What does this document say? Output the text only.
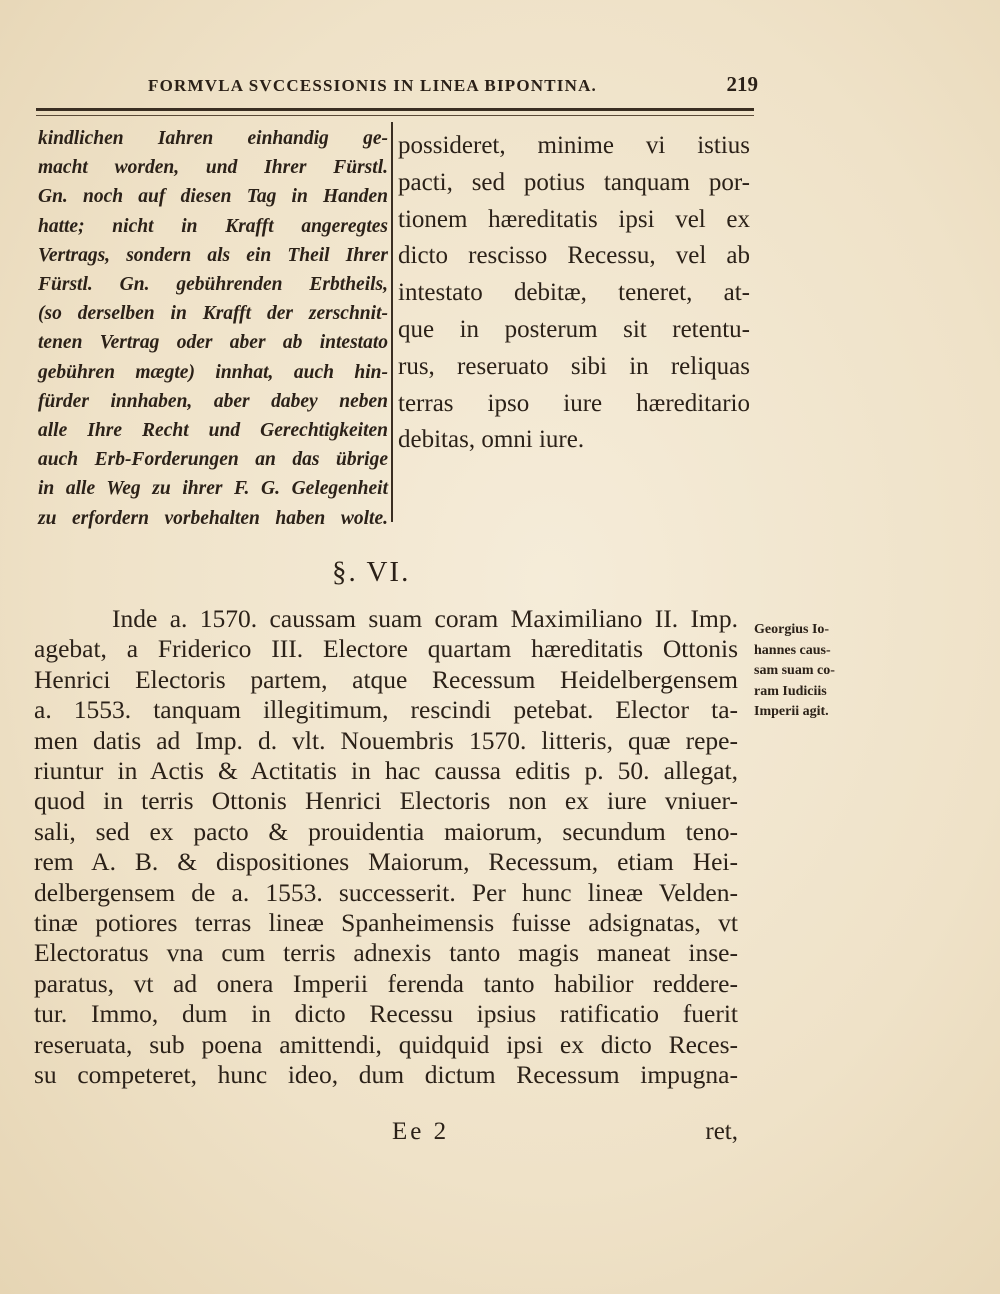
FORMVLA SVCCESSIONIS IN LINEA BIPONTINA.	219
kindlichen Iahren einhandig ge-
macht worden, und Ihrer Fürstl.
Gn. noch auf diesen Tag in Handen
hatte; nicht in Krafft angeregtes
Vertrags, sondern als ein Theil Ihrer
Fürstl. Gn. gebührenden Erbtheils,
(so derselben in Krafft der zerschnit-
tenen Vertrag oder aber ab intestato
gebühren mægte) innhat, auch hin-
fürder innhaben, aber dabey neben
alle Ihre Recht und Gerechtigkeiten
auch Erb-Forderungen an das übrige
in alle Weg zu ihrer F. G. Gelegenheit
zu erfordern vorbehalten haben wolte.
possideret, minime vi istius
pacti, sed potius tanquam por-
tionem hæreditatis ipsi vel ex
dicto rescisso Recessu, vel ab
intestato debitæ, teneret, at-
que in posterum sit retentu-
rus, reseruato sibi in reliquas
terras ipso iure hæreditario
debitas, omni iure.
§. VI.
Inde a. 1570. caussam suam coram Maximiliano II. Imp.
agebat, a Friderico III. Electore quartam hæreditatis Ottonis
Henrici Electoris partem, atque Recessum Heidelbergensem
a. 1553. tanquam illegitimum, rescindi petebat. Elector ta-
men datis ad Imp. d. vlt. Nouembris 1570. litteris, quæ repe-
riuntur in Actis & Actitatis in hac caussa editis p. 50. allegat,
quod in terris Ottonis Henrici Electoris non ex iure vniuer-
sali, sed ex pacto & prouidentia maiorum, secundum teno-
rem A. B. & dispositiones Maiorum, Recessum, etiam Hei-
delbergensem de a. 1553. successerit. Per hunc lineæ Velden-
tinæ potiores terras lineæ Spanheimensis fuisse adsignatas, vt
Electoratus vna cum terris adnexis tanto magis maneat inse-
paratus, vt ad onera Imperii ferenda tanto habilior reddere-
tur. Immo, dum in dicto Recessu ipsius ratificatio fuerit
reseruata, sub poena amittendi, quidquid ipsi ex dicto Reces-
su competeret, hunc ideo, dum dictum Recessum impugna-
Georgius Io-
hannes caus-
sam suam co-
ram Iudiciis
Imperii agit.
Ee 2	ret,
